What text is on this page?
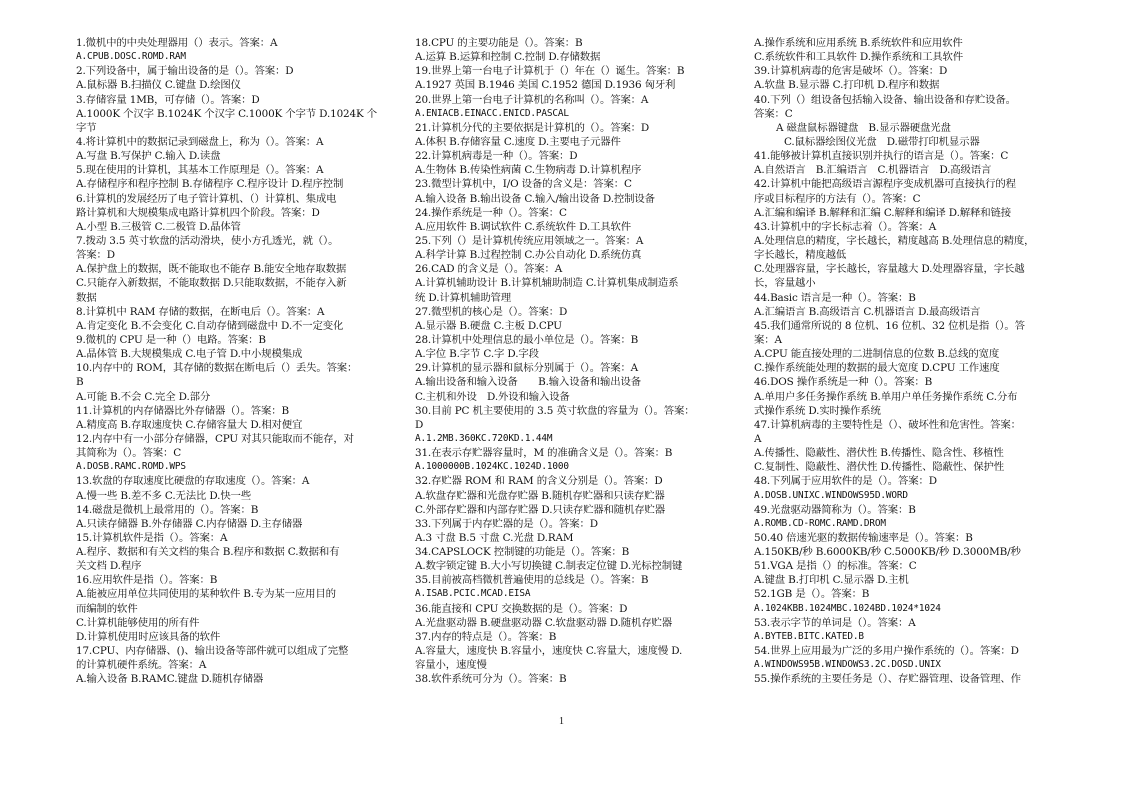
1.微机中的中央处理器用（）表示。答案：A
A.CPUB.DOSC.ROMD.RAM
2.下列设备中，属于输出设备的是（）。答案：D
A.鼠标器 B.扫描仪 C.键盘 D.绘图仪
3.存储容量 1MB，可存储（）。答案：D
A.1000K 个汉字 B.1024K 个汉字 C.1000K 个字节 D.1024K 个
字节
4.将计算机中的数据记录到磁盘上，称为（）。答案：A
A.写盘 B.写保护 C.输入 D.读盘
5.现在使用的计算机，其基本工作原理是（）。答案：A
A.存储程序和程序控制 B.存储程序 C.程序设计 D.程序控制
6.计算机的发展经历了电子管计算机、（）计算机、集成电
路计算机和大规模集成电路计算机四个阶段。答案：D
A.小型 B.三极管 C.二极管 D.晶体管
7.拨动 3.5 英寸软盘的活动滑块，使小方孔透光，就（）。
答案：D
A.保护盘上的数据，既不能取也不能存 B.能安全地存取数据
C.只能存入新数据，不能取数据 D.只能取数据，不能存入新
数据
8.计算机中 RAM 存储的数据，在断电后（）。答案：A
A.肯定变化 B.不会变化 C.自动存储到磁盘中 D.不一定变化
9.微机的 CPU 是一种（）电路。答案：B
A.晶体管 B.大规模集成 C.电子管 D.中小规模集成
10.内存中的 ROM，其存储的数据在断电后（）丢失。答案：
B
A.可能 B.不会 C.完全 D.部分
11.计算机的内存储器比外存储器（）。答案：B
A.精度高 B.存取速度快 C.存储容量大 D.相对便宜
12.内存中有一小部分存储器，CPU 对其只能取而不能存，对
其简称为（）。答案：C
A.DOSB.RAMC.ROMD.WPS
13.软盘的存取速度比硬盘的存取速度（）。答案：A
A.慢一些 B.差不多 C.无法比 D.快一些
14.磁盘是微机上最常用的（）。答案：B
A.只读存储器 B.外存储器 C.内存储器 D.主存储器
15.计算机软件是指（）。答案：A
A.程序、数据和有关文档的集合 B.程序和数据 C.数据和有
关文档 D.程序
16.应用软件是指（）。答案：B
A.能被应用单位共同使用的某种软件 B.专为某一应用目的
而编制的软件
C.计算机能够使用的所有件
D.计算机使用时应该具备的软件
17.CPU、内存储器、()、输出设备等部件就可以组成了完整
的计算机硬件系统。答案：A
A.输入设备 B.RAMC.键盘 D.随机存储器
18.CPU 的主要功能是（）。答案：B
A.运算 B.运算和控制 C.控制 D.存储数据
19.世界上第一台电子计算机于（）年在（）诞生。答案：B
A.1927 英国 B.1946 美国 C.1952 德国 D.1936 匈牙利
20.世界上第一台电子计算机的名称叫（）。答案：A
A.ENIACB.EINACC.ENICD.PASCAL
21.计算机分代的主要依据是计算机的（）。答案：D
A.体积 B.存储容量 C.速度 D.主要电子元器件
22.计算机病毒是一种（）。答案：D
A.生物体 B.传染性病菌 C.生物病毒 D.计算机程序
23.微型计算机中，I/O 设备的含义是：答案：C
A.输入设备 B.输出设备 C.输入/输出设备 D.控制设备
24.操作系统是一种（）。答案：C
A.应用软件 B.调试软件 C.系统软件 D.工具软件
25.下列（）是计算机传统应用领域之一。答案：A
A.科学计算 B.过程控制 C.办公自动化 D.系统仿真
26.CAD 的含义是（）。答案：A
A.计算机辅助设计 B.计算机辅助制造 C.计算机集成制造系
统 D.计算机辅助管理
27.微型机的核心是（）。答案：D
A.显示器 B.硬盘 C.主板 D.CPU
28.计算机中处理信息的最小单位是（）。答案：B
A.字位 B.字节 C.字 D.字段
29.计算机的显示器和鼠标分别属于（）。答案：A
A.输出设备和输入设备　　B.输入设备和输出设备
C.主机和外设　D.外设和输入设备
30.目前 PC 机主要使用的 3.5 英寸软盘的容量为（）。答案：
D
A.1.2MB.360KC.720KD.1.44M
31.在表示存贮器容量时，M 的准确含义是（）。答案：B
A.1000000B.1024KC.1024D.1000
32.存贮器 ROM 和 RAM 的含义分别是（）。答案：D
A.软盘存贮器和光盘存贮器 B.随机存贮器和只读存贮器
C.外部存贮器和内部存贮器 D.只读存贮器和随机存贮器
33.下列属于内存贮器的是（）。答案：D
A.3 寸盘 B.5 寸盘 C.光盘 D.RAM
34.CAPSLOCK 控制键的功能是（）。答案：B
A.数字锁定键 B.大小写切换键 C.制表定位键 D.光标控制键
35.目前被高档微机普遍使用的总线是（）。答案：B
A.ISAB.PCIC.MCAD.EISA
36.能直接和 CPU 交换数据的是（）。答案：D
A.光盘驱动器 B.硬盘驱动器 C.软盘驱动器 D.随机存贮器
37.内存的特点是（）。答案：B
A.容量大，速度快 B.容量小，速度快 C.容量大，速度慢 D.
容量小，速度慢
38.软件系统可分为（）。答案：B
A.操作系统和应用系统 B.系统软件和应用软件
C.系统软件和工具软件 D.操作系统和工具软件
39.计算机病毒的危害是破坏（）。答案：D
A.软盘 B.显示器 C.打印机 D.程序和数据
40.下列（）组设备包括输入设备、输出设备和存贮设备。
答案：C
A 磁盘鼠标器键盘　B.显示器硬盘光盘
C.鼠标器绘图仪光盘　D.磁带打印机显示器
41.能够被计算机直接识别并执行的语言是（）。答案：C
A.自然语言　B.汇编语言　C.机器语言　D.高级语言
42.计算机中能把高级语言源程序变成机器可直接执行的程
序或目标程序的方法有（）。答案：C
A.汇编和编译 B.解释和汇编 C.解释和编译 D.解释和链接
43.计算机中的字长标志着（）。答案：A
A.处理信息的精度，字长越长，精度越高 B.处理信息的精度，
字长越长，精度越低
C.处理器容量，字长越长，容量越大 D.处理器容量，字长越
长，容量越小
44.Basic 语言是一种（）。答案：B
A.汇编语言 B.高级语言 C.机器语言 D.最高级语言
45.我们通常所说的 8 位机、16 位机、32 位机是指（）。答
案：A
A.CPU 能直接处理的二进制信息的位数 B.总线的宽度
C.操作系统能处理的数据的最大宽度 D.CPU 工作速度
46.DOS 操作系统是一种（）。答案：B
A.单用户多任务操作系统 B.单用户单任务操作系统 C.分布
式操作系统 D.实时操作系统
47.计算机病毒的主要特性是（）、破坏性和危害性。答案：
A
A.传播性、隐蔽性、潜伏性 B.传播性、隐含性、移植性
C.复制性、隐蔽性、潜伏性 D.传播性、隐蔽性、保护性
48.下列属于应用软件的是（）。答案：D
A.DOSB.UNIXC.WINDOWS95D.WORD
49.光盘驱动器简称为（）。答案：B
A.ROMB.CD-ROMC.RAMD.DROM
50.40 倍速光驱的数据传输速率是（）。答案：B
A.150KB/秒 B.6000KB/秒 C.5000KB/秒 D.3000MB/秒
51.VGA 是指（）的标准。答案：C
A.键盘 B.打印机 C.显示器 D.主机
52.1GB 是（）。答案：B
A.1024KBB.1024MBC.1024BD.1024*1024
53.表示字节的单词是（）。答案：A
A.BYTEB.BITC.KATED.B
54.世界上应用最为广泛的多用户操作系统的（）。答案：D
A.WINDOWS95B.WINDOWS3.2C.DOSD.UNIX
55.操作系统的主要任务是（）、存贮器管理、设备管理、作
1
